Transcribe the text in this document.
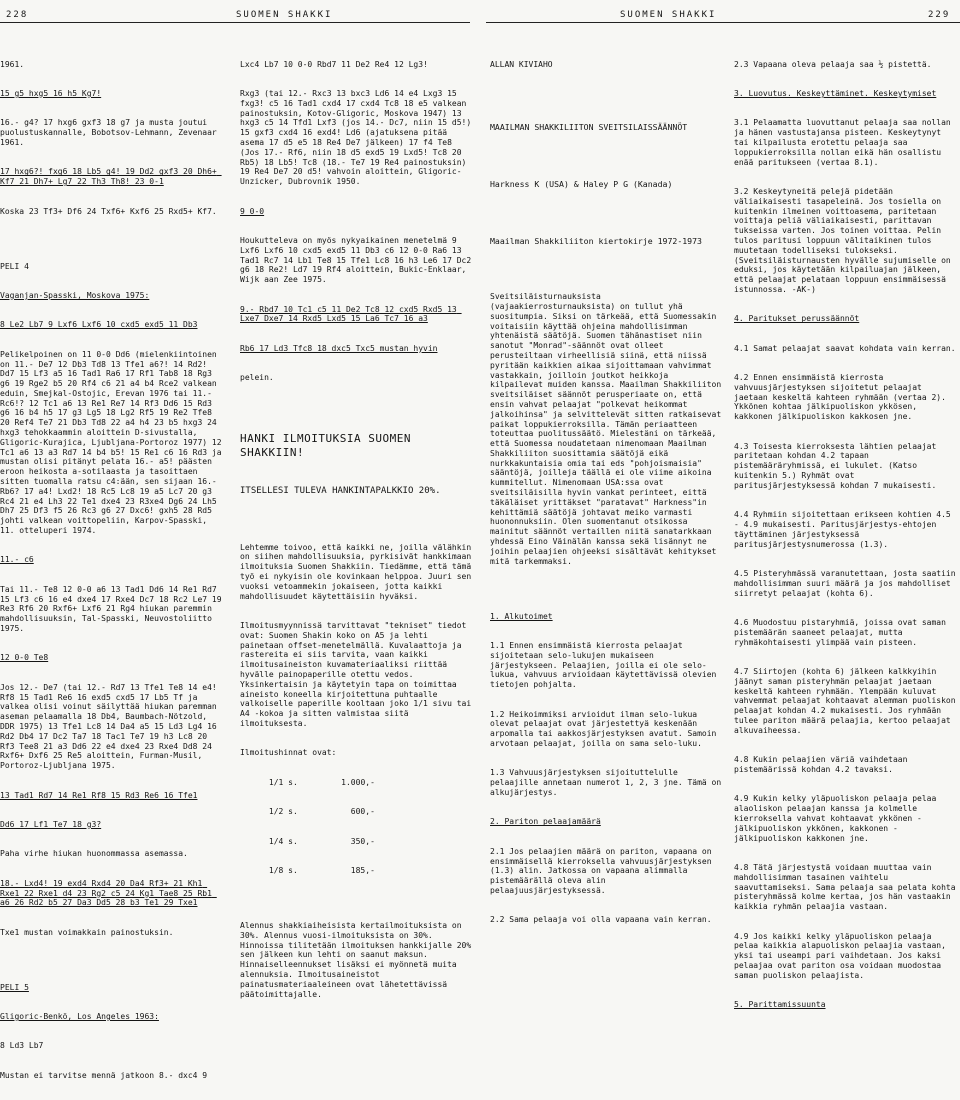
228	SUOMEN SHAKKI	SUOMEN SHAKKI	229

1961.

15 g5 hxg5 16 h5 Kg7!

16.- g4? 17 hxg6 gxf3 18 g7 ja musta joutui puolustuskannalle, Bobotsov-Lehmann, Zevenaar 1961.

17 hxg6?! fxg6 18 Lb5 g4! 19 Dd2 gxf3 20 Dh6+ Kf7 21 Dh7+ Lg7 22 Th3 Th8! 23 0-1

Koska 23 Tf3+ Df6 24 Txf6+ Kxf6 25 Rxd5+ Kf7.

PELI 4

Vaganjan-Spasski, Moskova 1975:

8 Le2 Lb7 9 Lxf6 Lxf6 10 cxd5 exd5 11 Db3

Pelikelpoinen on 11 0-0 Dd6 (mielenkiintoinen on 11.- De7 12 Db3 Td8 13 Tfe1 a6?! 14 Rd2! Dd7 15 Lf3 a5 16 Tad1 Ra6 17 Rf1 Tab8 18 Rg3 g6 19 Rge2 b5 20 Rf4 c6 21 a4 b4 Rce2 valkean eduin, Smejkal-Ostojic, Erevan 1976 tai 11.- Rc6!? 12 Tc1 a6 13 Re1 Re7 14 Rf3 Dd6 15 Rd3 g6 16 b4 h5 17 g3 Lg5 18 Lg2 Rf5 19 Re2 Tfe8 20 Ref4 Te7 21 Db3 Td8 22 a4 h4 23 b5 hxg3 24 hxg3 tehokkaammin aloittein D-sivustalla, Gligoric-Kurajica, Ljubljana-Portoroz 1977) 12 Tc1 a6 13 a3 Rd7 14 b4 b5! 15 Re1 c6 16 Rd3 ja mustan olisi pitänyt pelata 16.- a5! päästen eroon heikosta a-sotilaasta ja tasoittaen sitten tuomalla ratsu c4:ään, sen sijaan 16.- Rb6? 17 a4! Lxd2! 18 Rc5 Lc8 19 a5 Lc7 20 g3 Rc4 21 e4 Lh3 22 Te1 dxe4 23 R3xe4 Dg6 24 Lh5 Dh7 25 Df3 f5 26 Rc3 g6 27 Dxc6! gxh5 28 Rd5 johti valkean voittopeliin, Karpov-Spasski, 11. otteluperi 1974.

11.- c6

Tai 11.- Te8 12 0-0 a6 13 Tad1 Dd6 14 Re1 Rd7 15 Lf3 c6 16 e4 dxe4 17 Rxe4 Dc7 18 Rc2 Le7 19 Re3 Rf6 20 Rxf6+ Lxf6 21 Rg4 hiukan paremmin mahdollisuuksin, Tal-Spasski, Neuvostoliitto 1975.

12 0-0 Te8

Jos 12.- De7 (tai 12.- Rd7 13 Tfe1 Te8 14 e4! Rf8 15 Tad1 Re6 16 exd5 cxd5 17 Lb5 Tf ja valkea olisi voinut säilyttää hiukan paremman aseman pelaamalla 18 Db4, Baumbach-Nötzold, DDR 1975) 13 Tfe1 Lc8 14 Da4 a5 15 Ld3 Lg4 16 Rd2 Db4 17 Dc2 Ta7 18 Tac1 Te7 19 h3 Lc8 20 Rf3 Tee8 21 a3 Dd6 22 e4 dxe4 23 Rxe4 Dd8 24 Rxf6+ Dxf6 25 Re5 aloittein, Furman-Musil, Portoroz-Ljubljana 1975.

13 Tad1 Rd7 14 Re1 Rf8 15 Rd3 Re6 16 Tfe1

Dd6 17 Lf1 Te7 18 g3?

Paha virhe hiukan huonommassa asemassa.

18.- Lxd4! 19 exd4 Rxd4 20 Da4 Rf3+ 21 Kh1 Rxe1 22 Rxe1 d4 23 Rg2 c5 24 Kg1 Tae8 25 Rb1 a6 26 Rd2 b5 27 Da3 Dd5 28 b3 Te1 29 Txe1

Txe1 mustan voimakkain painostuksin.

PELI 5

Gligoric-Benkö, Los Angeles 1963:

8 Ld3 Lb7

Mustan ei tarvitse mennä jatkoon 8.- dxc4 9

Lxc4 Lb7 10 0-0 Rbd7 11 De2 Re4 12 Lg3!

Rxg3 (tai 12.- Rxc3 13 bxc3 Ld6 14 e4 Lxg3 15 fxg3! c5 16 Tad1 cxd4 17 cxd4 Tc8 18 e5 valkean painostuksin, Kotov-Gligoric, Moskova 1947) 13 hxg3 c5 14 Tfd1 Lxf3 (jos 14.- Dc7, niin 15 d5!) 15 gxf3 cxd4 16 exd4! Ld6 (ajatuksena pitää asema 17 d5 e5 18 Re4 De7 jälkeen) 17 f4 Te8 (Jos 17.- Rf6, niin 18 d5 exd5 19 Lxd5! Tc8 20 Rb5) 18 Lb5! Tc8 (18.- Te7 19 Re4 painostuksin) 19 Re4 De7 20 d5! vahvoin aloittein, Gligoric-Unzicker, Dubrovnik 1950.

9 0-0

Houkutteleva on myös nykyaikainen menetelmä 9 Lxf6 Lxf6 10 cxd5 exd5 11 Db3 c6 12 0-0 Ra6 13 Tad1 Rc7 14 Lb1 Te8 15 Tfe1 Lc8 16 h3 Le6 17 Dc2 g6 18 Re2! Ld7 19 Rf4 aloittein, Bukic-Enklaar, Wijk aan Zee 1975.

9.- Rbd7 10 Tc1 c5 11 De2 Tc8 12 cxd5 Rxd5 13 Lxe7 Dxe7 14 Rxd5 Lxd5 15 La6 Tc7 16 a3

Rb6 17 Ld3 Tfc8 18 dxc5 Txc5 mustan hyvin

pelein.

HANKI ILMOITUKSIA SUOMEN SHAKKIIN!

ITSELLESI TULEVA HANKINTAPALKKIO 20%.

Lehtemme toivoo, että kaikki ne, joilla välähkin on siihen mahdollisuuksia, pyrkisivät hankkimaan ilmoituksia Suomen Shakkiin. Tiedämme, että tämä työ ei nykyisin ole kovinkaan helppoa. Juuri sen vuoksi vetoammekin jokaiseen, jotta kaikki mahdollisuudet käytettäisiin hyväksi.

Ilmoitusmyynnissä tarvittavat "tekniset" tiedot ovat: Suomen Shakin koko on A5 ja lehti painetaan offset-menetelmällä. Kuvalaattoja ja rastereita ei siis tarvita, vaan kaikki ilmoitusaineiston kuvamateriaaliksi riittää hyvälle painopaperille otettu vedos. Yksinkertaisin ja käytetyin tapa on toimittaa aineisto koneella kirjoitettuna puhtaalle valkoiselle paperille kooltaan joko 1/1 sivu tai A4 -kokoa ja sitten valmistaa siitä ilmoituksesta.

Ilmoitushinnat ovat:

1/1 s.	1.000,-

1/2 s.	600,-

1/4 s.	350,-

1/8 s.	185,-

Alennus shakkiaiheisista kertailmoituksista on 30%. Alennus vuosi-ilmoituksista on 30%. Hinnoissa tilitetään ilmoituksen hankkijalle 20% sen jälkeen kun lehti on saanut maksun. Hinnaiselleennukset lisäksi ei myönnetä muita alennuksia. Ilmoitusaineistot painatusmateriaaleineen ovat lähetettävissä päätoimittajalle.

ALLAN KIVIAHO

MAAILMAN SHAKKILIITON SVEITSILAISSÄÄNNÖT

Harkness K (USA) & Haley P G (Kanada)

Maailman Shakkiliiton kiertokirje 1972-1973

Sveitsiläisturnauksista (vajaakierrosturnauksista) on tullut yhä suositumpia. Siksi on tärkeää, että Suomessakin voitaisiin käyttää ohjeina mahdollisimman yhtenäistä säätöjä. Suomen tähänastiset niin sanotut "Monrad"-säännöt ovat olleet perusteiltaan virheellisiä siinä, että niissä pyritään kaikkien aikaa sijoittamaan vahvimmat vastakkain, joilloin joutkot heikkoja kilpailevat muiden kanssa. Maailman Shakkiliiton sveitsiläiset säännöt perusperiaate on, että ensin vahvat pelaajat "polkevat heikommat jalkoihinsa" ja selvittelevät sitten ratkaisevat paikat loppukierroksilla. Tämän periaatteen toteuttaa puolitussäätö. Mielestäni on tärkeää, että Suomessa noudatetaan nimenomaan Maailman Shakkiliiton suosittamia säätöjä eikä nurkkakuntaisia omia tai eds "pohjoismaisia" sääntöjä, joilleja täällä ei ole viime aikoina kummitellut. Nimenomaan USA:ssa ovat sveitsiläisilla hyvin vankat perinteet, eittä täkäläiset yrittäkset "paratavat" Harkness"in kehittämiä säätöjä johtavat meiko varmasti huononnuksiin. Olen suomentanut otsikossa mainitut säännöt vertaillen niitä sanatarkkaan yhdessä Eino Väinälän kanssa sekä lisännyt ne joihin pelaajien ohjeeksi sisältävät kehitykset mitä tarkemmaksi.

1. Alkutoimet

1.1 Ennen ensimmäistä kierrosta pelaajat sijoitetaan selo-lukujen mukaiseen järjestykseen. Pelaajien, joilla ei ole selo-lukua, vahvuus arvioidaan käytettävissä olevien tietojen pohjalta.

1.2 Heikoimmiksi arvioidut ilman selo-lukua olevat pelaajat ovat järjestettyä keskenään arpomalla tai aakkosjärjestyksen avatut. Samoin arvotaan pelaajat, joilla on sama selo-luku.

1.3 Vahvuusjärjestyksen sijoituttelulle pelaajille annetaan numerot 1, 2, 3 jne. Tämä on alkujärjestys.

2. Pariton pelaajamäärä

2.1 Jos pelaajien määrä on pariton, vapaana on ensimmäisellä kierroksella vahvuusjärjestyksen (1.3) alin. Jatkossa on vapaana alimmalla pistemäärällä oleva alin pelaajuusjärjestyksessä.

2.2 Sama pelaaja voi olla vapaana vain kerran.

2.3 Vapaana oleva pelaaja saa ½ pistettä.

3. Luovutus. Keskeyttäminet. Keskeytymiset

3.1 Pelaamatta luovuttanut pelaaja saa nollan ja hänen vastustajansa pisteen. Keskeytynyt tai kilpailusta erotettu pelaaja saa loppukierroksilla nollan eikä hän osallistu enää paritukseen (vertaa 8.1).

3.2 Keskeytyneitä pelejä pidetään väliaikaisesti tasapeleinä. Jos tosiella on kuitenkin ilmeinen voittoasema, paritetaan voittaja peliä väliaikaisesti, parittavan tukseissa varten. Jos toinen voittaa. Pelin tulos paritusi loppuun välitaikinen tulos muutetaan todelliseksi tulokseksi. (Sveitsiläisturnausten hyvälle sujumiselle on eduksi, jos käytetään kilpailuajan jälkeen, että pelaajat pelataan loppuun ensimmäisessä istunnossa. -AK-)

4. Paritukset perussäännöt

4.1 Samat pelaajat saavat kohdata vain kerran.

4.2 Ennen ensimmäistä kierrosta vahvuusjärjestyksen sijoitetut pelaajat jaetaan keskeltä kahteen ryhmään (vertaa 2). Ykkönen kohtaa jälkipuoliskon ykkösen, kakkonen jälkipuoliskon kakkosen jne.

4.3 Toisesta kierroksesta lähtien pelaajat paritetaan kohdan 4.2 tapaan pistemääräryhmissä, ei lukulet. (Katso kuitenkin 5.) Ryhmät ovat paritusjärjestyksessä kohdan 7 mukaisesti.

4.4 Ryhmiin sijoitettaan erikseen kohtien 4.5 - 4.9 mukaisesti. Paritusjärjestys-ehtojen täyttäminen järjestyksessä paritusjärjestysnumerossa (1.3).

4.5 Pisteryhmässä varanutettaan, josta saatiin mahdollisimman suuri määrä ja jos mahdolliset siirretyt pelaajat (kohta 6).

4.6 Muodostuu pistaryhmiä, joissa ovat saman pistemäärän saaneet pelaajat, mutta ryhmäkohtaisesti ylimpää vain pisteen.

4.7 Siirtojen (kohta 6) jälkeen kalkkyihin jäänyt saman pisteryhmän pelaajat jaetaan keskeltä kahteen ryhmään. Ylempään kuluvat vahvemmat pelaajat kohtaavat alemman puoliskon pelaajat kohdan 4.2 mukaisesti. Jos ryhmään tulee pariton määrä pelaajia, kertoo pelaajat alkuvaiheessa.

4.8 Kukin pelaajien väriä vaihdetaan pistemäärissä kohdan 4.2 tavaksi.

4.9 Kukin kelky yläpuoliskon pelaaja pelaa alaoliskon pelaajan kanssa ja kolmelle kierroksella vahvat kohtaavat ykkönen - jälkipuoliskon ykkönen, kakkonen - jälkipuoliskon kakkonen jne.

4.8 Tätä järjestystä voidaan muuttaa vain mahdollisimman tasainen vaihtelu saavuttamiseksi. Sama pelaaja saa pelata kohta pisteryhmässä kolme kertaa, jos hän vastaakin kaikkia ryhmän pelaajia vastaan.

4.9 Jos kaikki kelky yläpuoliskon pelaaja pelaa kaikkia alapuoliskon pelaajia vastaan, yksi tai useampi pari vaihdetaan. Jos kaksi pelaajaa ovat pariton osa voidaan muodostaa saman puoliskon pelaajista.

5. Parittamissuunta
